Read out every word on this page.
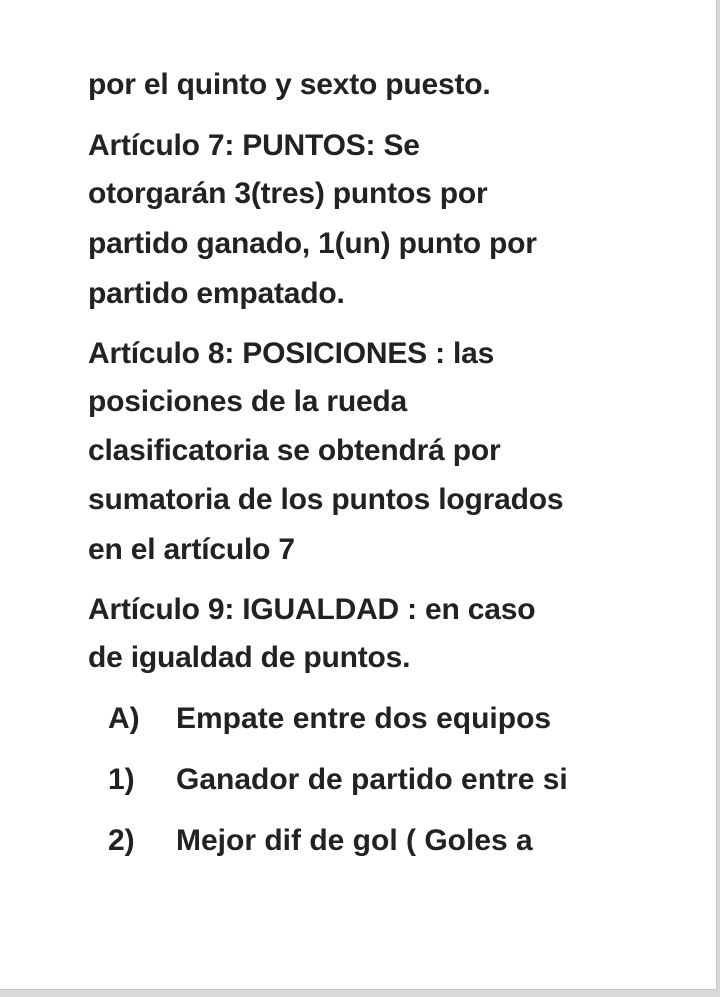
por el quinto y sexto puesto.
Artículo 7: PUNTOS: Se
otorgarán 3(tres) puntos por
partido ganado, 1(un) punto por
partido empatado.
Artículo 8: POSICIONES : las
posiciones de la rueda
clasificatoria se obtendrá por
sumatoria de los puntos logrados
en el artículo 7
Artículo 9: IGUALDAD : en caso
de igualdad de puntos.
A) Empate entre dos equipos
1) Ganador de partido entre si
2) Mejor dif de gol ( Goles a
